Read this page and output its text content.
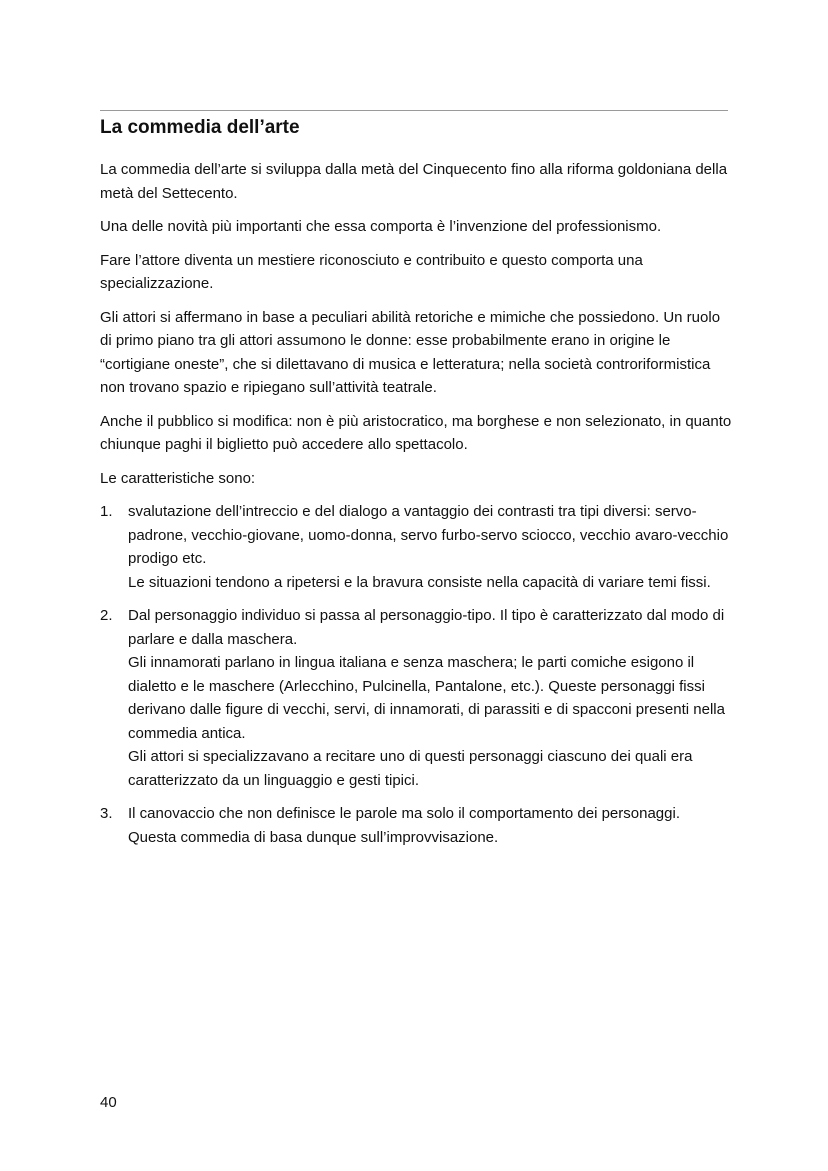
La commedia dell’arte

La commedia dell’arte si sviluppa dalla metà del Cinquecento fino alla riforma goldoniana della metà del Settecento.

Una delle novità più importanti che essa comporta è l’invenzione del professionismo.

Fare l’attore diventa un mestiere riconosciuto e contribuito e questo comporta una specializzazione.

Gli attori si affermano in base a peculiari abilità retoriche e mimiche che possiedono. Un ruolo di primo piano tra gli attori assumono le donne: esse probabilmente erano in origine le “cortigiane oneste”, che si dilettavano di musica e letteratura; nella società controriformistica non trovano spazio e ripiegano sull’attività teatrale.

Anche il pubblico si modifica: non è più aristocratico, ma borghese e non selezionato, in quanto chiunque paghi il biglietto può accedere allo spettacolo.

Le caratteristiche sono:

1. svalutazione dell’intreccio e del dialogo a vantaggio dei contrasti tra tipi diversi: servo-padrone, vecchio-giovane, uomo-donna, servo furbo-servo sciocco, vecchio avaro-vecchio prodigo etc.
Le situazioni tendono a ripetersi e la bravura consiste nella capacità di variare temi fissi.
2. Dal personaggio individuo si passa al personaggio-tipo. Il tipo è caratterizzato dal modo di parlare e dalla maschera.
Gli innamorati parlano in lingua italiana e senza maschera; le parti comiche esigono il dialetto e le maschere (Arlecchino, Pulcinella, Pantalone, etc.). Queste personaggi fissi derivano dalle figure di vecchi, servi, di innamorati, di parassiti e di spacconi presenti nella commedia antica.
Gli attori si specializzavano a recitare uno di questi personaggi ciascuno dei quali era caratterizzato da un linguaggio e gesti tipici.
3. Il canovaccio che non definisce le parole ma solo il comportamento dei personaggi.
Questa commedia di basa dunque sull’improvvisazione.
40
